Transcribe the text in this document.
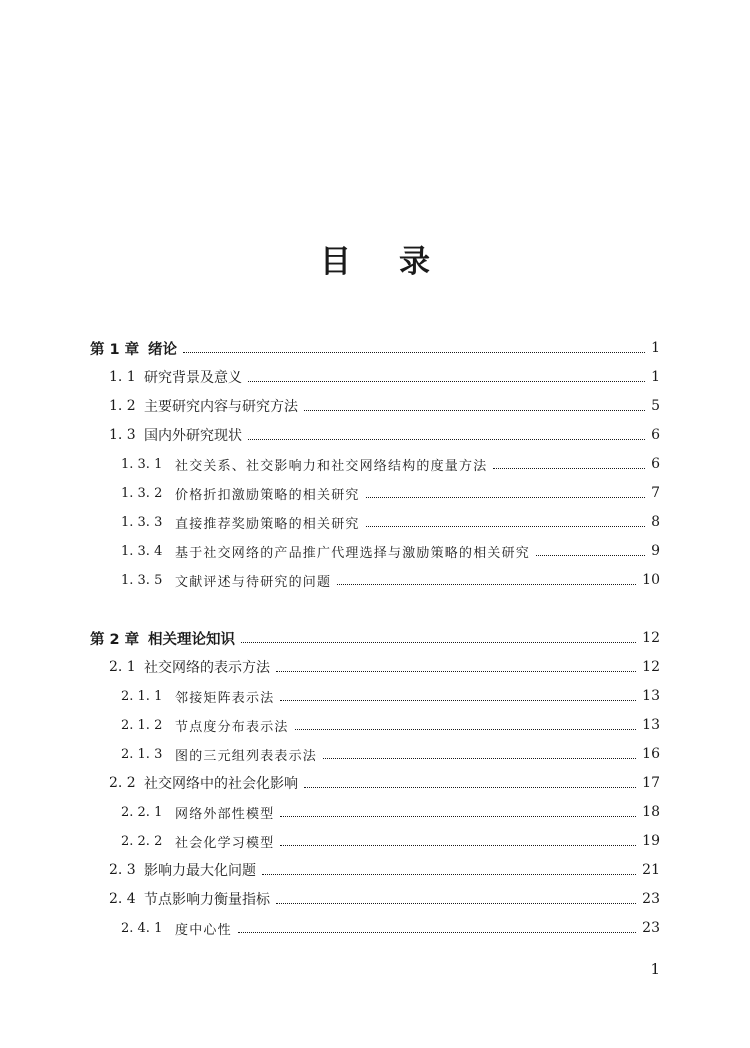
目 录
第 1 章 绪论	1
1. 1 研究背景及意义	1
1. 2 主要研究内容与研究方法	5
1. 3 国内外研究现状	6
1. 3. 1 社交关系、社交影响力和社交网络结构的度量方法	6
1. 3. 2 价格折扣激励策略的相关研究	7
1. 3. 3 直接推荐奖励策略的相关研究	8
1. 3. 4 基于社交网络的产品推广代理选择与激励策略的相关研究	9
1. 3. 5 文献评述与待研究的问题	10
第 2 章 相关理论知识	12
2. 1 社交网络的表示方法	12
2. 1. 1 邻接矩阵表示法	13
2. 1. 2 节点度分布表示法	13
2. 1. 3 图的三元组列表表示法	16
2. 2 社交网络中的社会化影响	17
2. 2. 1 网络外部性模型	18
2. 2. 2 社会化学习模型	19
2. 3 影响力最大化问题	21
2. 4 节点影响力衡量指标	23
2. 4. 1 度中心性	23
1
